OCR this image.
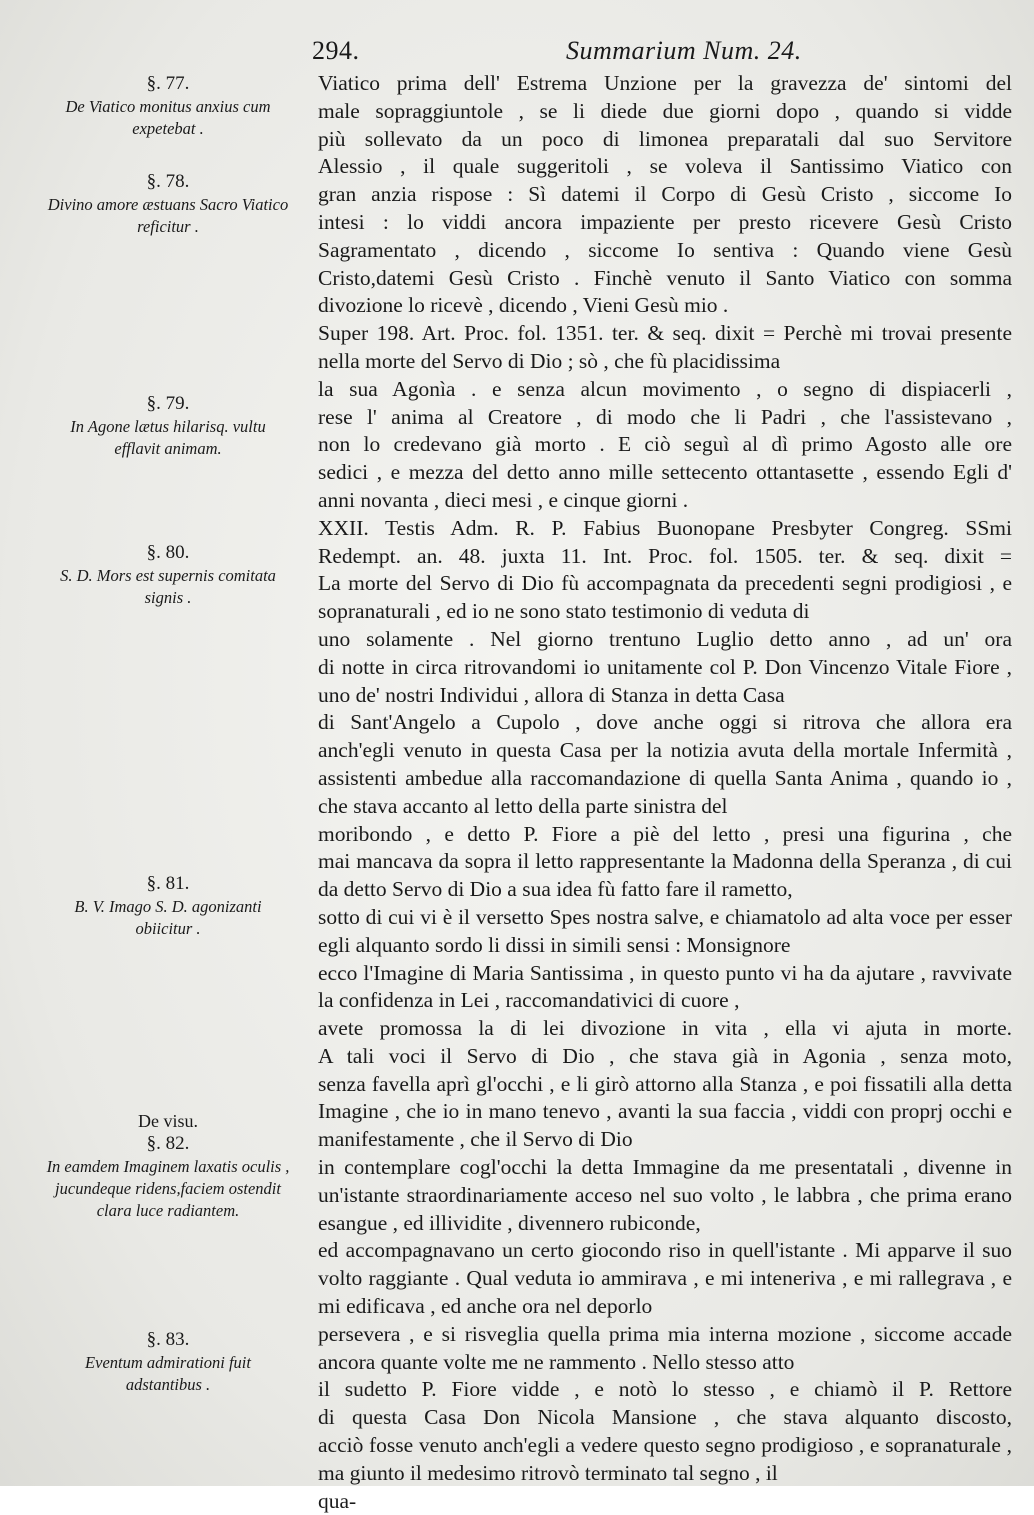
294.	Summarium Num. 24.
§. 77.
De Viatico monitus anxius cum expetebat .
§. 78.
Divino amore æstuans Sacro Viatico reficitur .
§. 79.
In Agone lætus hilarisq. vultu efflavit animam.
§. 80.
S. D. Mors est supernis comitata signis .
§. 81.
B. V. Imago S. D. agonizanti obiicitur .
De visu.
§. 82.
In eamdem Imaginem laxatis oculis , jucundeque ridens,faciem ostendit clara luce radiantem.
§. 83.
Eventum admirationi fuit adstantibus .
Viatico prima dell' Estrema Unzione per la gravezza de' sintomi del
male sopraggiuntole , se li diede due giorni dopo , quando si vidde
più sollevato da un poco di limonea preparatali dal suo Servitore
Alessio , il quale suggeritoli , se voleva il Santissimo Viatico con
gran anzia rispose : Sì datemi il Corpo di Gesù Cristo , siccome Io
intesi : lo viddi ancora impaziente per presto ricevere Gesù Cristo
Sagramentato , dicendo , siccome Io sentiva : Quando viene Gesù
Cristo,datemi Gesù Cristo . Finchè venuto il Santo Viatico con somma divozione lo ricevè , dicendo , Vieni Gesù mio .
Super 198. Art. Proc. fol. 1351. ter. & seq. dixit = Perchè mi trovai presente nella morte del Servo di Dio ; sò , che fù placidissima
la sua Agonìa . e senza alcun movimento , o segno di dispiacerli ,
rese l' anima al Creatore , di modo che li Padri , che l'assistevano ,
non lo credevano già morto . E ciò seguì al dì primo Agosto alle ore
sedici , e mezza del detto anno mille settecento ottantasette , essendo Egli d' anni novanta , dieci mesi , e cinque giorni .
XXII. Testis Adm. R. P. Fabius Buonopane Presbyter Congreg. SSmi
Redempt. an. 48. juxta 11. Int. Proc. fol. 1505. ter. & seq. dixit =
La morte del Servo di Dio fù accompagnata da precedenti segni prodigiosi , e sopranaturali , ed io ne sono stato testimonio di veduta di
uno solamente . Nel giorno trentuno Luglio detto anno , ad un' ora
di notte in circa ritrovandomi io unitamente col P. Don Vincenzo Vitale Fiore , uno de' nostri Individui , allora di Stanza in detta Casa
di Sant'Angelo a Cupolo , dove anche oggi si ritrova che allora era
anch'egli venuto in questa Casa per la notizia avuta della mortale Infermità , assistenti ambedue alla raccomandazione di quella Santa Anima , quando io , che stava accanto al letto della parte sinistra del
moribondo , e detto P. Fiore a piè del letto , presi una figurina , che
mai mancava da sopra il letto rappresentante la Madonna della Speranza , di cui da detto Servo di Dio a sua idea fù fatto fare il rametto,
sotto di cui vi è il versetto Spes nostra salve, e chiamatolo ad alta voce per esser egli alquanto sordo li dissi in simili sensi : Monsignore
ecco l'Imagine di Maria Santissima , in questo punto vi ha da ajutare , ravvivate la confidenza in Lei , raccomandativici di cuore ,
avete promossa la di lei divozione in vita , ella vi ajuta in morte.
A tali voci il Servo di Dio , che stava già in Agonia , senza moto,
senza favella aprì gl'occhi , e li girò attorno alla Stanza , e poi fissatili alla detta Imagine , che io in mano tenevo , avanti la sua faccia , viddi con proprj occhi e manifestamente , che il Servo di Dio
in contemplare cogl'occhi la detta Immagine da me presentatali , divenne in un'istante straordinariamente acceso nel suo volto , le labbra , che prima erano esangue , ed illividite , divennero rubiconde,
ed accompagnavano un certo giocondo riso in quell'istante . Mi apparve il suo volto raggiante . Qual veduta io ammirava , e mi inteneriva , e mi rallegrava , e mi edificava , ed anche ora nel deporlo
persevera , e si risveglia quella prima mia interna mozione , siccome accade ancora quante volte me ne rammento . Nello stesso atto
il sudetto P. Fiore vidde , e notò lo stesso , e chiamò il P. Rettore
di questa Casa Don Nicola Mansione , che stava alquanto discosto,
acciò fosse venuto anch'egli a vedere questo segno prodigioso , e sopranaturale , ma giunto il medesimo ritrovò terminato tal segno , il
qua-
